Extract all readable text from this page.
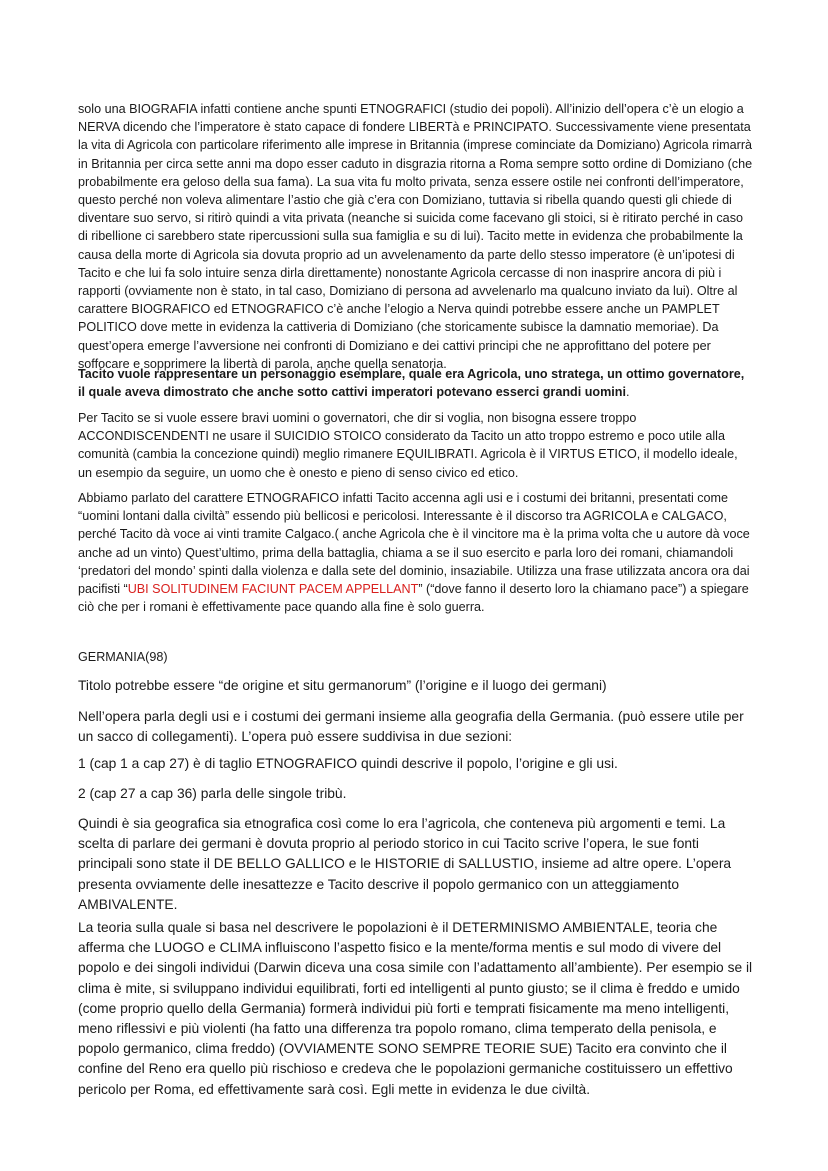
solo una BIOGRAFIA infatti contiene anche spunti ETNOGRAFICI (studio dei popoli). All’inizio dell’opera c’è un elogio a NERVA dicendo che l’imperatore è stato capace di fondere LIBERTà e PRINCIPATO. Successivamente viene presentata la vita di Agricola con particolare riferimento alle imprese in Britannia (imprese cominciate da Domiziano) Agricola rimarrà in Britannia per circa sette anni ma dopo esser caduto in disgrazia ritorna a Roma sempre sotto ordine di Domiziano (che probabilmente era geloso della sua fama). La sua vita fu molto privata, senza essere ostile nei confronti dell’imperatore, questo perché non voleva alimentare l’astio che già c’era con Domiziano, tuttavia si ribella quando questi gli chiede di diventare suo servo, si ritirò quindi a vita privata (neanche si suicida come facevano gli stoici, si è ritirato perché in caso di ribellione ci sarebbero state ripercussioni sulla sua famiglia e su di lui). Tacito mette in evidenza che probabilmente la causa della morte di Agricola sia dovuta proprio ad un avvelenamento da parte dello stesso imperatore (è un’ipotesi di Tacito e che lui fa solo intuire senza dirla direttamente) nonostante Agricola cercasse di non inasprire ancora di più i rapporti (ovviamente non è stato, in tal caso, Domiziano di persona ad avvelenarlo ma qualcuno inviato da lui). Oltre al carattere BIOGRAFICO ed ETNOGRAFICO c’è anche l’elogio a Nerva quindi potrebbe essere anche un PAMPLET POLITICO dove mette in evidenza la cattiveria di Domiziano (che storicamente subisce la damnatio memoriae). Da quest’opera emerge l’avversione nei confronti di Domiziano e dei cattivi principi che ne approfittano del potere per soffocare e sopprimere la libertà di parola, anche quella senatoria.

Tacito vuole rappresentare un personaggio esemplare, quale era Agricola, uno stratega, un ottimo governatore, il quale aveva dimostrato che anche sotto cattivi imperatori potevano esserci grandi uomini.

Per Tacito se si vuole essere bravi uomini o governatori, che dir si voglia, non bisogna essere troppo ACCONDISCENDENTI ne usare il SUICIDIO STOICO considerato da Tacito un atto troppo estremo e poco utile alla comunità (cambia la concezione quindi) meglio rimanere EQUILIBRATI. Agricola è il VIRTUS ETICO, il modello ideale, un esempio da seguire, un uomo che è onesto e pieno di senso civico ed etico.

Abbiamo parlato del carattere ETNOGRAFICO infatti Tacito accenna agli usi e i costumi dei britanni, presentati come “uomini lontani dalla civiltà” essendo più bellicosi e pericolosi. Interessante è il discorso tra AGRICOLA e CALGACO, perché Tacito dà voce ai vinti tramite Calgaco.( anche Agricola che è il vincitore ma è la prima volta che u autore dà voce anche ad un vinto) Quest’ultimo, prima della battaglia, chiama a se il suo esercito e parla loro dei romani, chiamandoli ‘predatori del mondo’ spinti dalla violenza e dalla sete del dominio, insaziabile. Utilizza una frase utilizzata ancora ora dai pacifisti “UBI SOLITUDINEM FACIUNT PACEM APPELLANT” (“dove fanno il deserto loro la chiamano pace”) a spiegare ciò che per i romani è effettivamente pace quando alla fine è solo guerra.

GERMANIA(98)

Titolo potrebbe essere “de origine et situ germanorum” (l’origine e il luogo dei germani)

Nell’opera parla degli usi e i costumi dei germani insieme alla geografia della Germania. (può essere utile per un sacco di collegamenti). L’opera può essere suddivisa in due sezioni:

1 (cap 1 a cap 27) è di taglio ETNOGRAFICO quindi descrive il popolo, l’origine e gli usi.

2 (cap 27 a cap 36) parla delle singole tribù.

Quindi è sia geografica sia etnografica così come lo era l’agricola, che conteneva più argomenti e temi. La scelta di parlare dei germani è dovuta proprio al periodo storico in cui Tacito scrive l’opera, le sue fonti principali sono state il DE BELLO GALLICO e le HISTORIE di SALLUSTIO, insieme ad altre opere. L’opera presenta ovviamente delle inesattezze e Tacito descrive il popolo germanico con un atteggiamento AMBIVALENTE.

La teoria sulla quale si basa nel descrivere le popolazioni è il DETERMINISMO AMBIENTALE, teoria che afferma che LUOGO e CLIMA influiscono l’aspetto fisico e la mente/forma mentis e sul modo di vivere del popolo e dei singoli individui (Darwin diceva una cosa simile con l’adattamento all’ambiente). Per esempio se il clima è mite, si sviluppano individui equilibrati, forti ed intelligenti al punto giusto; se il clima è freddo e umido (come proprio quello della Germania) formerà individui più forti e temprati fisicamente ma meno intelligenti, meno riflessivi e più violenti (ha fatto una differenza tra popolo romano, clima temperato della penisola, e popolo germanico, clima freddo) (OVVIAMENTE SONO SEMPRE TEORIE SUE) Tacito era convinto che il confine del Reno era quello più rischioso e credeva che le popolazioni germaniche costituissero un effettivo pericolo per Roma, ed effettivamente sarà così. Egli mette in evidenza le due civiltà.
